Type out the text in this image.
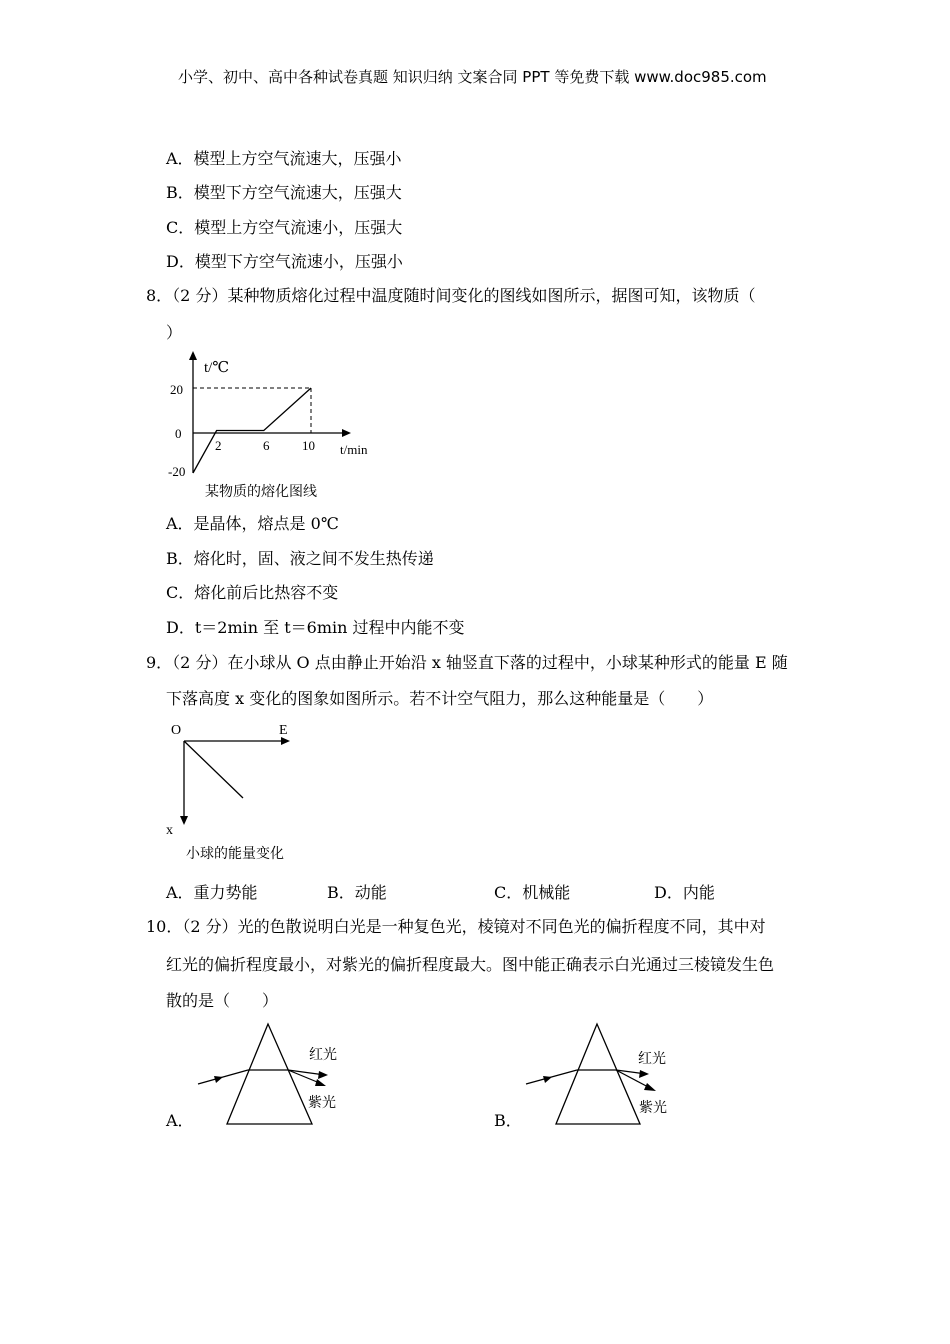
小学、初中、高中各种试卷真题 知识归纳 文案合同 PPT 等免费下载 www.doc985.com
A．模型上方空气流速大，压强小
B．模型下方空气流速大，压强大
C．模型上方空气流速小，压强大
D．模型下方空气流速小，压强小
8．（2 分）某种物质熔化过程中温度随时间变化的图线如图所示，据图可知，该物质（
）
t/℃
t/min
20
0
-20
2	6	10
某物质的熔化图线
A．是晶体，熔点是 0℃
B．熔化时，固、液之间不发生热传递
C．熔化前后比热容不变
D．t＝2min 至 t＝6min 过程中内能不变
9．（2 分）在小球从 O 点由静止开始沿 x 轴竖直下落的过程中，小球某种形式的能量 E 随
下落高度 x 变化的图象如图所示。若不计空气阻力，那么这种能量是（　　）
O	E
x
小球的能量变化
A．重力势能	B．动能	C．机械能	D．内能
10．（2 分）光的色散说明白光是一种复色光，棱镜对不同色光的偏折程度不同，其中对
红光的偏折程度最小，对紫光的偏折程度最大。图中能正确表示白光通过三棱镜发生色
散的是（　　）
A．
红光
紫光
B．
红光
紫光
